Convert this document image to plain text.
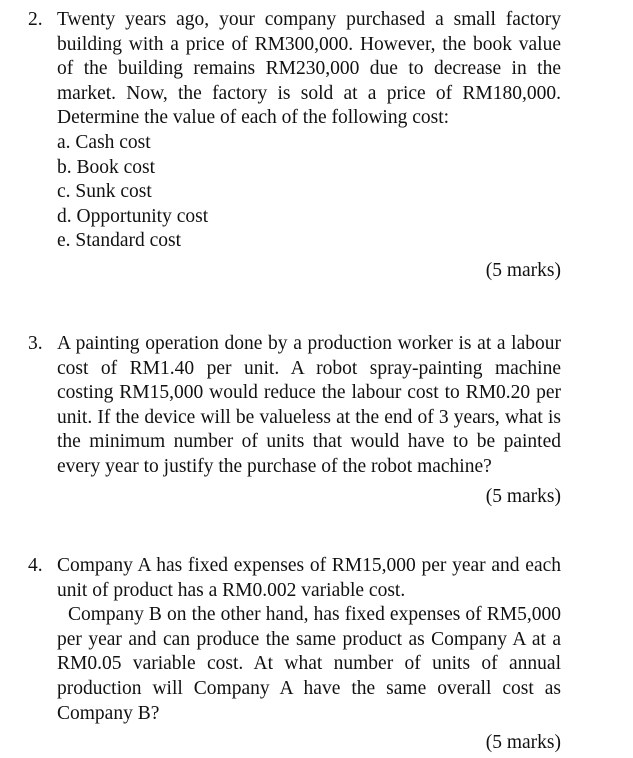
2. Twenty years ago, your company purchased a small factory building with a price of RM300,000. However, the book value of the building remains RM230,000 due to decrease in the market. Now, the factory is sold at a price of RM180,000. Determine the value of each of the following cost:
a. Cash cost
b. Book cost
c. Sunk cost
d. Opportunity cost
e. Standard cost
(5 marks)
3. A painting operation done by a production worker is at a labour cost of RM1.40 per unit. A robot spray-painting machine costing RM15,000 would reduce the labour cost to RM0.20 per unit. If the device will be valueless at the end of 3 years, what is the minimum number of units that would have to be painted every year to justify the purchase of the robot machine?
(5 marks)
4. Company A has fixed expenses of RM15,000 per year and each unit of product has a RM0.002 variable cost.
Company B on the other hand, has fixed expenses of RM5,000 per year and can produce the same product as Company A at a RM0.05 variable cost. At what number of units of annual production will Company A have the same overall cost as Company B?
(5 marks)
